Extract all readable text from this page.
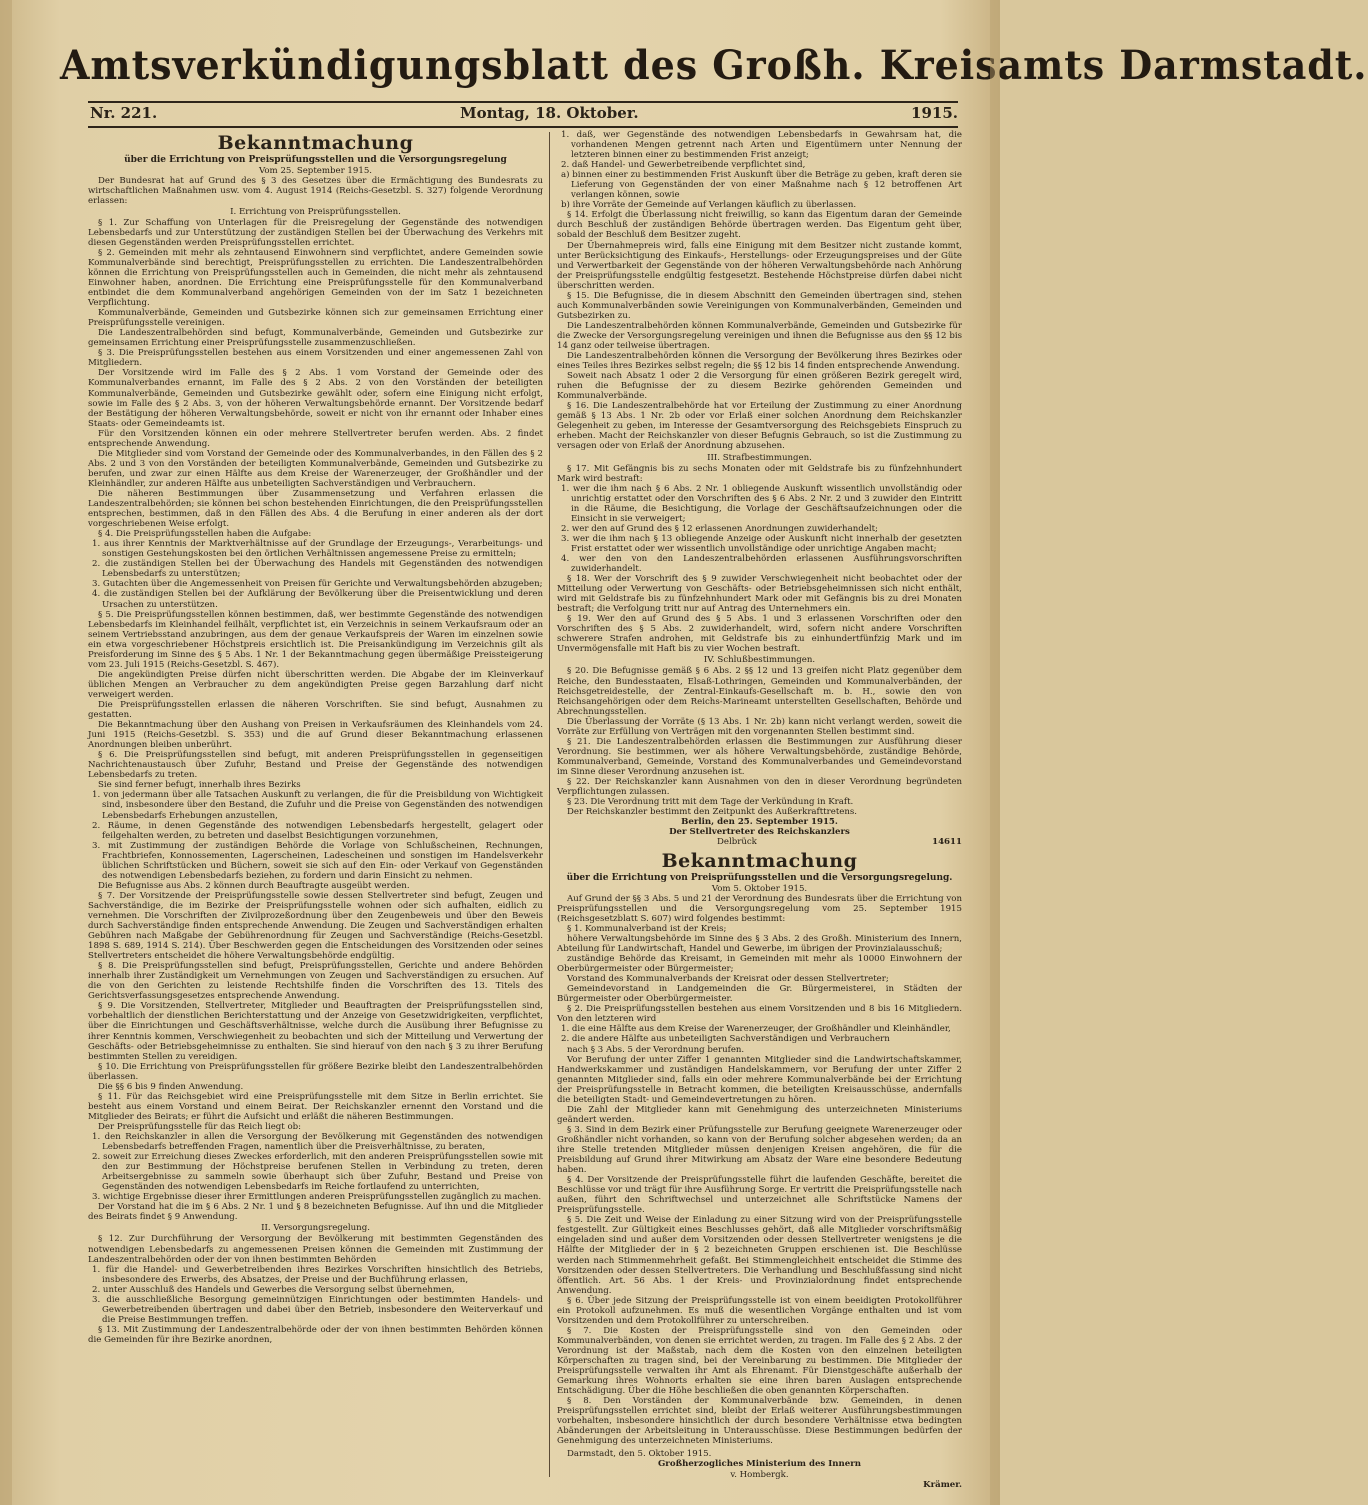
Amtsverkündigungsblatt des Großh. Kreisamts Darmstadt.
Nr. 221.	Montag, 18. Oktober.	1915.
Bekanntmachung
über die Errichtung von Preisprüfungsstellen und die Versorgungsregelung
Vom 25. September 1915.

Der Bundesrat hat auf Grund des § 3 des Gesetzes über die Ermächtigung des Bundesrats zu wirtschaftlichen Maßnahmen usw. vom 4. August 1914 (Reichs-Gesetzbl. S. 327) folgende Verordnung erlassen:

I. Errichtung von Preisprüfungsstellen.

§ 1. Zur Schaffung von Unterlagen für die Preisregelung der Gegenstände des notwendigen Lebensbedarfs und zur Unterstützung der zuständigen Stellen bei der Überwachung des Verkehrs mit diesen Gegenständen werden Preisprüfungsstellen errichtet.

§ 2. Gemeinden mit mehr als zehntausend Einwohnern sind verpflichtet, andere Gemeinden sowie Kommunalverbände sind berechtigt, Preisprüfungsstellen zu errichten. Die Landeszentralbehörden können die Errichtung von Preisprüfungsstellen auch in Gemeinden, die nicht mehr als zehntausend Einwohner haben, anordnen. Die Errichtung eine Preisprüfungsstelle für den Kommunalverband entbindet die dem Kommunalverband angehörigen Gemeinden von der im Satz 1 bezeichneten Verpflichtung.

Kommunalverbände, Gemeinden und Gutsbezirke können sich zur gemeinsamen Errichtung einer Preisprüfungsstelle vereinigen.

Die Landeszentralbehörden sind befugt, Kommunalverbände, Gemeinden und Gutsbezirke zur gemeinsamen Errichtung einer Preisprüfungsstelle zusammenzuschließen.

§ 3. Die Preisprüfungsstellen bestehen aus einem Vorsitzenden und einer angemessenen Zahl von Mitgliedern.

Der Vorsitzende wird im Falle des § 2 Abs. 1 vom Vorstand der Gemeinde oder des Kommunalverbandes ernannt, im Falle des § 2 Abs. 2 von den Vorständen der beteiligten Kommunalverbände, Gemeinden und Gutsbezirke gewählt oder, sofern eine Einigung nicht erfolgt, sowie im Falle des § 2 Abs. 3, von der höheren Verwaltungsbehörde ernannt. Der Vorsitzende bedarf der Bestätigung der höheren Verwaltungsbehörde, soweit er nicht von ihr ernannt oder Inhaber eines Staats- oder Gemeindeamts ist.

Für den Vorsitzenden können ein oder mehrere Stellvertreter berufen werden. Abs. 2 findet entsprechende Anwendung.

Die Mitglieder sind vom Vorstand der Gemeinde oder des Kommunalverbandes, in den Fällen des § 2 Abs. 2 und 3 von den Vorständen der beteiligten Kommunalverbände, Gemeinden und Gutsbezirke zu berufen, und zwar zur einen Hälfte aus dem Kreise der Warenerzeuger, der Großhändler und der Kleinhändler, zur anderen Hälfte aus unbeteiligten Sachverständigen und Verbrauchern.

Die näheren Bestimmungen über Zusammensetzung und Verfahren erlassen die Landeszentralbehörden; sie können bei schon bestehenden Einrichtungen, die den Preisprüfungsstellen entsprechen, bestimmen, daß in den Fällen des Abs. 4 die Berufung in einer anderen als der dort vorgeschriebenen Weise erfolgt.

§ 4. Die Preisprüfungsstellen haben die Aufgabe:

1. aus ihrer Kenntnis der Marktverhältnisse auf der Grundlage der Erzeugungs-, Verarbeitungs- und sonstigen Gestehungskosten bei den örtlichen Verhältnissen angemessene Preise zu ermitteln;
2. die zuständigen Stellen bei der Überwachung des Handels mit Gegenständen des notwendigen Lebensbedarfs zu unterstützen;
3. Gutachten über die Angemessenheit von Preisen für Gerichte und Verwaltungsbehörden abzugeben;
4. die zuständigen Stellen bei der Aufklärung der Bevölkerung über die Preisentwicklung und deren Ursachen zu unterstützen.

§ 5. Die Preisprüfungsstellen können bestimmen, daß, wer bestimmte Gegenstände des notwendigen Lebensbedarfs im Kleinhandel feilhält, verpflichtet ist, ein Verzeichnis in seinem Verkaufsraum oder an seinem Vertriebsstand anzubringen, aus dem der genaue Verkaufspreis der Waren im einzelnen sowie ein etwa vorgeschriebener Höchstpreis ersichtlich ist. Die Preisankündigung im Verzeichnis gilt als Preisforderung im Sinne des § 5 Abs. 1 Nr. 1 der Bekanntmachung gegen übermäßige Preissteigerung vom 23. Juli 1915 (Reichs-Gesetzbl. S. 467).

Die angekündigten Preise dürfen nicht überschritten werden. Die Abgabe der im Kleinverkauf üblichen Mengen an Verbraucher zu dem angekündigten Preise gegen Barzahlung darf nicht verweigert werden.

Die Preisprüfungsstellen erlassen die näheren Vorschriften. Sie sind befugt, Ausnahmen zu gestatten.

Die Bekanntmachung über den Aushang von Preisen in Verkaufsräumen des Kleinhandels vom 24. Juni 1915 (Reichs-Gesetzbl. S. 353) und die auf Grund dieser Bekanntmachung erlassenen Anordnungen bleiben unberührt.

§ 6. Die Preisprüfungsstellen sind befugt, mit anderen Preisprüfungsstellen in gegenseitigen Nachrichtenaustausch über Zufuhr, Bestand und Preise der Gegenstände des notwendigen Lebensbedarfs zu treten.

Sie sind ferner befugt, innerhalb ihres Bezirks

1. von jedermann über alle Tatsachen Auskunft zu verlangen, die für die Preisbildung von Wichtigkeit sind, insbesondere über den Bestand, die Zufuhr und die Preise von Gegenständen des notwendigen Lebensbedarfs Erhebungen anzustellen,
2. Räume, in denen Gegenstände des notwendigen Lebensbedarfs hergestellt, gelagert oder feilgehalten werden, zu betreten und daselbst Besichtigungen vorzunehmen,
3. mit Zustimmung der zuständigen Behörde die Vorlage von Schlußscheinen, Rechnungen, Frachtbriefen, Konnossementen, Lagerscheinen, Ladescheinen und sonstigen im Handelsverkehr üblichen Schriftstücken und Büchern, soweit sie sich auf den Ein- oder Verkauf von Gegenständen des notwendigen Lebensbedarfs beziehen, zu fordern und darin Einsicht zu nehmen.

Die Befugnisse aus Abs. 2 können durch Beauftragte ausgeübt werden.

§ 7. Der Vorsitzende der Preisprüfungsstelle sowie dessen Stellvertreter sind befugt, Zeugen und Sachverständige, die im Bezirke der Preisprüfungsstelle wohnen oder sich aufhalten, eidlich zu vernehmen. Die Vorschriften der Zivilprozeßordnung über den Zeugenbeweis und über den Beweis durch Sachverständige finden entsprechende Anwendung. Die Zeugen und Sachverständigen erhalten Gebühren nach Maßgabe der Gebührenordnung für Zeugen und Sachverständige (Reichs-Gesetzbl. 1898 S. 689, 1914 S. 214). Über Beschwerden gegen die Entscheidungen des Vorsitzenden oder seines Stellvertreters entscheidet die höhere Verwaltungsbehörde endgültig.

§ 8. Die Preisprüfungsstellen sind befugt, Preisprüfungsstellen, Gerichte und andere Behörden innerhalb ihrer Zuständigkeit um Vernehmungen von Zeugen und Sachverständigen zu ersuchen. Auf die von den Gerichten zu leistende Rechtshilfe finden die Vorschriften des 13. Titels des Gerichtsverfassungsgesetzes entsprechende Anwendung.

§ 9. Die Vorsitzenden, Stellvertreter, Mitglieder und Beauftragten der Preisprüfungsstellen sind, vorbehaltlich der dienstlichen Berichterstattung und der Anzeige von Gesetzwidrigkeiten, verpflichtet, über die Einrichtungen und Geschäftsverhältnisse, welche durch die Ausübung ihrer Befugnisse zu ihrer Kenntnis kommen, Verschwiegenheit zu beobachten und sich der Mitteilung und Verwertung der Geschäfts- oder Betriebsgeheimnisse zu enthalten. Sie sind hierauf von den nach § 3 zu ihrer Berufung bestimmten Stellen zu vereidigen.

§ 10. Die Errichtung von Preisprüfungsstellen für größere Bezirke bleibt den Landeszentralbehörden überlassen.

Die §§ 6 bis 9 finden Anwendung.

§ 11. Für das Reichsgebiet wird eine Preisprüfungsstelle mit dem Sitze in Berlin errichtet. Sie besteht aus einem Vorstand und einem Beirat. Der Reichskanzler ernennt den Vorstand und die Mitglieder des Beirats; er führt die Aufsicht und erläßt die näheren Bestimmungen.

Der Preisprüfungsstelle für das Reich liegt ob:

1. den Reichskanzler in allen die Versorgung der Bevölkerung mit Gegenständen des notwendigen Lebensbedarfs betreffenden Fragen, namentlich über die Preisverhältnisse, zu beraten,
2. soweit zur Erreichung dieses Zweckes erforderlich, mit den anderen Preisprüfungsstellen sowie mit den zur Bestimmung der Höchstpreise berufenen Stellen in Verbindung zu treten, deren Arbeitsergebnisse zu sammeln sowie überhaupt sich über Zufuhr, Bestand und Preise von Gegenständen des notwendigen Lebensbedarfs im Reiche fortlaufend zu unterrichten,
3. wichtige Ergebnisse dieser ihrer Ermittlungen anderen Preisprüfungsstellen zugänglich zu machen.

Der Vorstand hat die im § 6 Abs. 2 Nr. 1 und § 8 bezeichneten Befugnisse. Auf ihn und die Mitglieder des Beirats findet § 9 Anwendung.

II. Versorgungsregelung.

§ 12. Zur Durchführung der Versorgung der Bevölkerung mit bestimmten Gegenständen des notwendigen Lebensbedarfs zu angemessenen Preisen können die Gemeinden mit Zustimmung der Landeszentralbehörden oder der von ihnen bestimmten Behörden

1. für die Handel- und Gewerbetreibenden ihres Bezirkes Vorschriften hinsichtlich des Betriebs, insbesondere des Erwerbs, des Absatzes, der Preise und der Buchführung erlassen,
2. unter Ausschluß des Handels und Gewerbes die Versorgung selbst übernehmen,
3. die ausschließliche Besorgung gemeinnützigen Einrichtungen oder bestimmten Handels- und Gewerbetreibenden übertragen und dabei über den Betrieb, insbesondere den Weiterverkauf und die Preise Bestimmungen treffen.

§ 13. Mit Zustimmung der Landeszentralbehörde oder der von ihnen bestimmten Behörden können die Gemeinden für ihre Bezirke anordnen,

1. daß, wer Gegenstände des notwendigen Lebensbedarfs in Gewahrsam hat, die vorhandenen Mengen getrennt nach Arten und Eigentümern unter Nennung der letzteren binnen einer zu bestimmenden Frist anzeigt;
2. daß Handel- und Gewerbetreibende verpflichtet sind,
a) binnen einer zu bestimmenden Frist Auskunft über die Beträge zu geben, kraft deren sie Lieferung von Gegenständen der von einer Maßnahme nach § 12 betroffenen Art verlangen können, sowie
b) ihre Vorräte der Gemeinde auf Verlangen käuflich zu überlassen.

§ 14. Erfolgt die Überlassung nicht freiwillig, so kann das Eigentum daran der Gemeinde durch Beschluß der zuständigen Behörde übertragen werden. Das Eigentum geht über, sobald der Beschluß dem Besitzer zugeht.

Der Übernahmepreis wird, falls eine Einigung mit dem Besitzer nicht zustande kommt, unter Berücksichtigung des Einkaufs-, Herstellungs- oder Erzeugungspreises und der Güte und Verwertbarkeit der Gegenstände von der höheren Verwaltungsbehörde nach Anhörung der Preisprüfungsstelle endgültig festgesetzt. Bestehende Höchstpreise dürfen dabei nicht überschritten werden.

§ 15. Die Befugnisse, die in diesem Abschnitt den Gemeinden übertragen sind, stehen auch Kommunalverbänden sowie Vereinigungen von Kommunalverbänden, Gemeinden und Gutsbezirken zu.

Die Landeszentralbehörden können Kommunalverbände, Gemeinden und Gutsbezirke für die Zwecke der Versorgungsregelung vereinigen und ihnen die Befugnisse aus den §§ 12 bis 14 ganz oder teilweise übertragen.

Die Landeszentralbehörden können die Versorgung der Bevölkerung ihres Bezirkes oder eines Teiles ihres Bezirkes selbst regeln; die §§ 12 bis 14 finden entsprechende Anwendung.

Soweit nach Absatz 1 oder 2 die Versorgung für einen größeren Bezirk geregelt wird, ruhen die Befugnisse der zu diesem Bezirke gehörenden Gemeinden und Kommunalverbände.

§ 16. Die Landeszentralbehörde hat vor Erteilung der Zustimmung zu einer Anordnung gemäß § 13 Abs. 1 Nr. 2b oder vor Erlaß einer solchen Anordnung dem Reichskanzler Gelegenheit zu geben, im Interesse der Gesamtversorgung des Reichsgebiets Einspruch zu erheben. Macht der Reichskanzler von dieser Befugnis Gebrauch, so ist die Zustimmung zu versagen oder von Erlaß der Anordnung abzusehen.

III. Strafbestimmungen.

§ 17. Mit Gefängnis bis zu sechs Monaten oder mit Geldstrafe bis zu fünfzehnhundert Mark wird bestraft:

1. wer die ihm nach § 6 Abs. 2 Nr. 1 obliegende Auskunft wissentlich unvollständig oder unrichtig erstattet oder den Vorschriften des § 6 Abs. 2 Nr. 2 und 3 zuwider den Eintritt in die Räume, die Besichtigung, die Vorlage der Geschäftsaufzeichnungen oder die Einsicht in sie verweigert;
2. wer den auf Grund des § 12 erlassenen Anordnungen zuwiderhandelt;
3. wer die ihm nach § 13 obliegende Anzeige oder Auskunft nicht innerhalb der gesetzten Frist erstattet oder wer wissentlich unvollständige oder unrichtige Angaben macht;
4. wer den von den Landeszentralbehörden erlassenen Ausführungsvorschriften zuwiderhandelt.

§ 18. Wer der Vorschrift des § 9 zuwider Verschwiegenheit nicht beobachtet oder der Mitteilung oder Verwertung von Geschäfts- oder Betriebsgeheimnissen sich nicht enthält, wird mit Geldstrafe bis zu fünfzehnhundert Mark oder mit Gefängnis bis zu drei Monaten bestraft; die Verfolgung tritt nur auf Antrag des Unternehmers ein.

§ 19. Wer den auf Grund des § 5 Abs. 1 und 3 erlassenen Vorschriften oder den Vorschriften des § 5 Abs. 2 zuwiderhandelt, wird, sofern nicht andere Vorschriften schwerere Strafen androhen, mit Geldstrafe bis zu einhundertfünfzig Mark und im Unvermögensfalle mit Haft bis zu vier Wochen bestraft.

IV. Schlußbestimmungen.

§ 20. Die Befugnisse gemäß § 6 Abs. 2 §§ 12 und 13 greifen nicht Platz gegenüber dem Reiche, den Bundesstaaten, Elsaß-Lothringen, Gemeinden und Kommunalverbänden, der Reichsgetreidestelle, der Zentral-Einkaufs-Gesellschaft m. b. H., sowie den von Reichsangehörigen oder dem Reichs-Marineamt unterstellten Gesellschaften, Behörde und Abrechnungsstellen.

Die Überlassung der Vorräte (§ 13 Abs. 1 Nr. 2b) kann nicht verlangt werden, soweit die Vorräte zur Erfüllung von Verträgen mit den vorgenannten Stellen bestimmt sind.

§ 21. Die Landeszentralbehörden erlassen die Bestimmungen zur Ausführung dieser Verordnung. Sie bestimmen, wer als höhere Verwaltungsbehörde, zuständige Behörde, Kommunalverband, Gemeinde, Vorstand des Kommunalverbandes und Gemeindevorstand im Sinne dieser Verordnung anzusehen ist.

§ 22. Der Reichskanzler kann Ausnahmen von den in dieser Verordnung begründeten Verpflichtungen zulassen.

§ 23. Die Verordnung tritt mit dem Tage der Verkündung in Kraft.

Der Reichskanzler bestimmt den Zeitpunkt des Außerkrafttretens.

Berlin, den 25. September 1915.
Der Stellvertreter des Reichskanzlers
Delbrück	14611
Bekanntmachung
über die Errichtung von Preisprüfungsstellen und die Versorgungsregelung.
Vom 5. Oktober 1915.

Auf Grund der §§ 3 Abs. 5 und 21 der Verordnung des Bundesrats über die Errichtung von Preisprüfungsstellen und die Versorgungsregelung vom 25. September 1915 (Reichsgesetzblatt S. 607) wird folgendes bestimmt:

§ 1. Kommunalverband ist der Kreis;

höhere Verwaltungsbehörde im Sinne des § 3 Abs. 2 des Großh. Ministerium des Innern, Abteilung für Landwirtschaft, Handel und Gewerbe, im übrigen der Provinzialausschuß;

zuständige Behörde das Kreisamt, in Gemeinden mit mehr als 10000 Einwohnern der Oberbürgermeister oder Bürgermeister;

Vorstand des Kommunalverbands der Kreisrat oder dessen Stellvertreter;

Gemeindevorstand in Landgemeinden die Gr. Bürgermeisterei, in Städten der Bürgermeister oder Oberbürgermeister.

§ 2. Die Preisprüfungsstellen bestehen aus einem Vorsitzenden und 8 bis 16 Mitgliedern. Von den letzteren wird

1. die eine Hälfte aus dem Kreise der Warenerzeuger, der Großhändler und Kleinhändler,
2. die andere Hälfte aus unbeteiligten Sachverständigen und Verbrauchern

nach § 3 Abs. 5 der Verordnung berufen.

Vor Berufung der unter Ziffer 1 genannten Mitglieder sind die Landwirtschaftskammer, Handwerkskammer und zuständigen Handelskammern, vor Berufung der unter Ziffer 2 genannten Mitglieder sind, falls ein oder mehrere Kommunalverbände bei der Errichtung der Preisprüfungsstelle in Betracht kommen, die beteiligten Kreisausschüsse, andernfalls die beteiligten Stadt- und Gemeindevertretungen zu hören.

Die Zahl der Mitglieder kann mit Genehmigung des unterzeichneten Ministeriums geändert werden.

§ 3. Sind in dem Bezirk einer Prüfungsstelle zur Berufung geeignete Warenerzeuger oder Großhändler nicht vorhanden, so kann von der Berufung solcher abgesehen werden; da an ihre Stelle tretenden Mitglieder müssen denjenigen Kreisen angehören, die für die Preisbildung auf Grund ihrer Mitwirkung am Absatz der Ware eine besondere Bedeutung haben.

§ 4. Der Vorsitzende der Preisprüfungsstelle führt die laufenden Geschäfte, bereitet die Beschlüsse vor und trägt für ihre Ausführung Sorge. Er vertritt die Preisprüfungsstelle nach außen, führt den Schriftwechsel und unterzeichnet alle Schriftstücke Namens der Preisprüfungsstelle.

§ 5. Die Zeit und Weise der Einladung zu einer Sitzung wird von der Preisprüfungsstelle festgestellt. Zur Gültigkeit eines Beschlusses gehört, daß alle Mitglieder vorschriftsmäßig eingeladen sind und außer dem Vorsitzenden oder dessen Stellvertreter wenigstens je die Hälfte der Mitglieder der in § 2 bezeichneten Gruppen erschienen ist. Die Beschlüsse werden nach Stimmenmehrheit gefaßt. Bei Stimmengleichheit entscheidet die Stimme des Vorsitzenden oder dessen Stellvertreters. Die Verhandlung und Beschlußfassung sind nicht öffentlich. Art. 56 Abs. 1 der Kreis- und Provinzialordnung findet entsprechende Anwendung.

§ 6. Über jede Sitzung der Preisprüfungsstelle ist von einem beeidigten Protokollführer ein Protokoll aufzunehmen. Es muß die wesentlichen Vorgänge enthalten und ist vom Vorsitzenden und dem Protokollführer zu unterschreiben.

§ 7. Die Kosten der Preisprüfungsstelle sind von den Gemeinden oder Kommunalverbänden, von denen sie errichtet werden, zu tragen. Im Falle des § 2 Abs. 2 der Verordnung ist der Maßstab, nach dem die Kosten von den einzelnen beteiligten Körperschaften zu tragen sind, bei der Vereinbarung zu bestimmen. Die Mitglieder der Preisprüfungsstelle verwalten ihr Amt als Ehrenamt. Für Dienstgeschäfte außerhalb der Gemarkung ihres Wohnorts erhalten sie eine ihren baren Auslagen entsprechende Entschädigung. Über die Höhe beschließen die oben genannten Körperschaften.

§ 8. Den Vorständen der Kommunalverbände bzw. Gemeinden, in denen Preisprüfungsstellen errichtet sind, bleibt der Erlaß weiterer Ausführungsbestimmungen vorbehalten, insbesondere hinsichtlich der durch besondere Verhältnisse etwa bedingten Abänderungen der Arbeitsleitung in Unterausschüsse. Diese Bestimmungen bedürfen der Genehmigung des unterzeichneten Ministeriums.

Darmstadt, den 5. Oktober 1915.

Großherzogliches Ministerium des Innern
v. Hombergk.
Krämer.
